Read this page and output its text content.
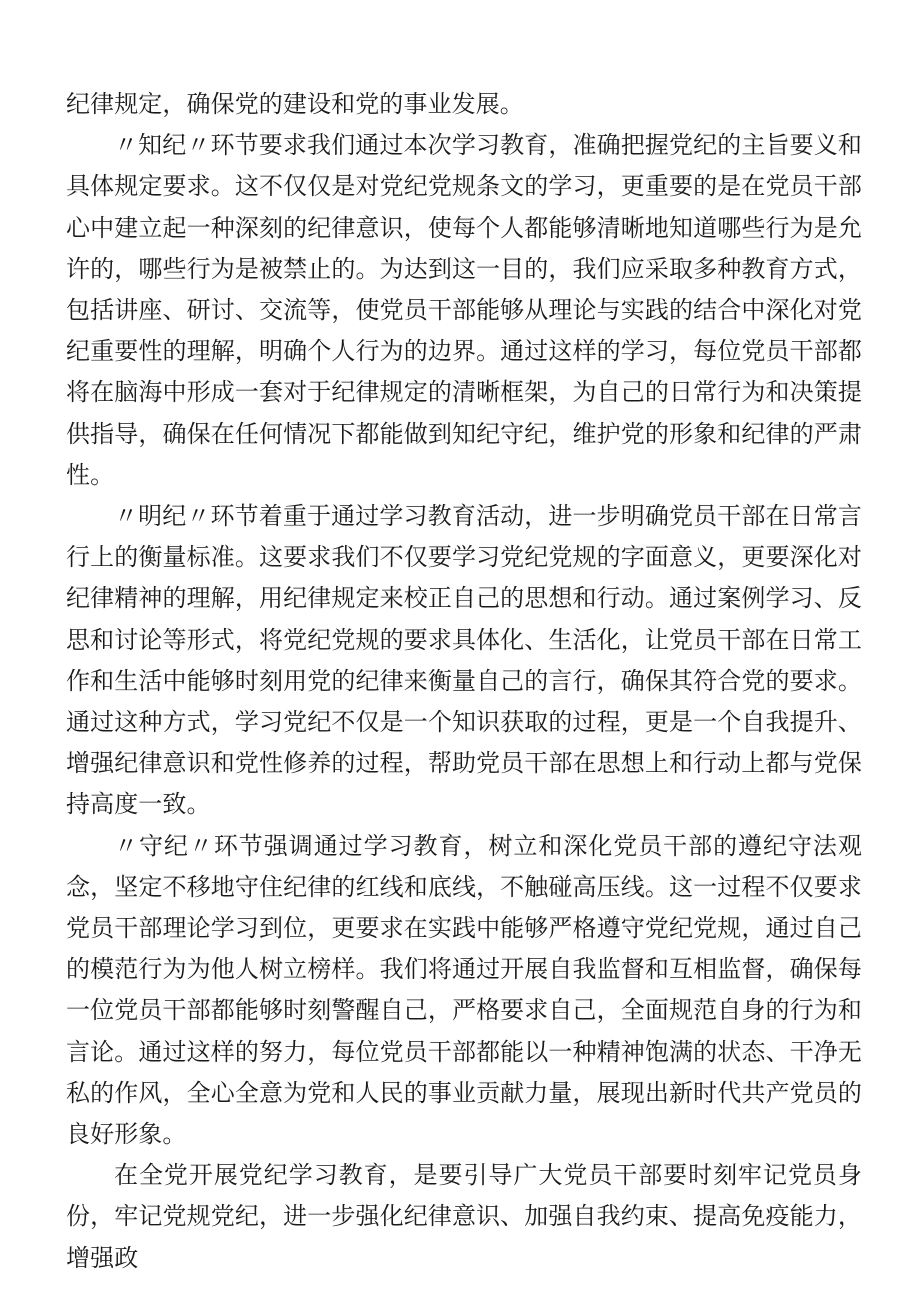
纪律规定，确保党的建设和党的事业发展。

〃知纪〃环节要求我们通过本次学习教育，准确把握党纪的主旨要义和具体规定要求。这不仅仅是对党纪党规条文的学习，更重要的是在党员干部心中建立起一种深刻的纪律意识，使每个人都能够清晰地知道哪些行为是允许的，哪些行为是被禁止的。为达到这一目的，我们应采取多种教育方式，包括讲座、研讨、交流等，使党员干部能够从理论与实践的结合中深化对党纪重要性的理解，明确个人行为的边界。通过这样的学习，每位党员干部都将在脑海中形成一套对于纪律规定的清晰框架，为自己的日常行为和决策提供指导，确保在任何情况下都能做到知纪守纪，维护党的形象和纪律的严肃性。

〃明纪〃环节着重于通过学习教育活动，进一步明确党员干部在日常言行上的衡量标准。这要求我们不仅要学习党纪党规的字面意义，更要深化对纪律精神的理解，用纪律规定来校正自己的思想和行动。通过案例学习、反思和讨论等形式，将党纪党规的要求具体化、生活化，让党员干部在日常工作和生活中能够时刻用党的纪律来衡量自己的言行，确保其符合党的要求。通过这种方式，学习党纪不仅是一个知识获取的过程，更是一个自我提升、增强纪律意识和党性修养的过程，帮助党员干部在思想上和行动上都与党保持高度一致。

〃守纪〃环节强调通过学习教育，树立和深化党员干部的遵纪守法观念，坚定不移地守住纪律的红线和底线，不触碰高压线。这一过程不仅要求党员干部理论学习到位，更要求在实践中能够严格遵守党纪党规，通过自己的模范行为为他人树立榜样。我们将通过开展自我监督和互相监督，确保每一位党员干部都能够时刻警醒自己，严格要求自己，全面规范自身的行为和言论。通过这样的努力，每位党员干部都能以一种精神饱满的状态、干净无私的作风，全心全意为党和人民的事业贡献力量，展现出新时代共产党员的良好形象。

在全党开展党纪学习教育，是要引导广大党员干部要时刻牢记党员身份，牢记党规党纪，进一步强化纪律意识、加强自我约束、提高免疫能力，增强政
